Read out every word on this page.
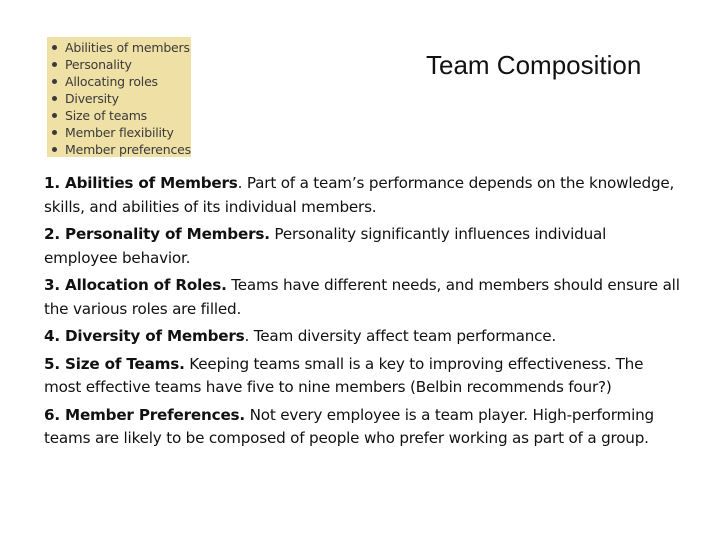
Abilities of members
Personality
Allocating roles
Diversity
Size of teams
Member flexibility
Member preferences
Team Composition

1. Abilities of Members. Part of a team’s performance depends on the knowledge, skills, and abilities of its individual members.

2. Personality of Members. Personality significantly influences individual employee behavior.

3. Allocation of Roles. Teams have different needs, and members should ensure all the various roles are filled.

4. Diversity of Members. Team diversity affect team performance.

5. Size of Teams. Keeping teams small is a key to improving effectiveness. The most effective teams have five to nine members (Belbin recommends four?)

6. Member Preferences. Not every employee is a team player. High-performing teams are likely to be composed of people who prefer working as part of a group.
